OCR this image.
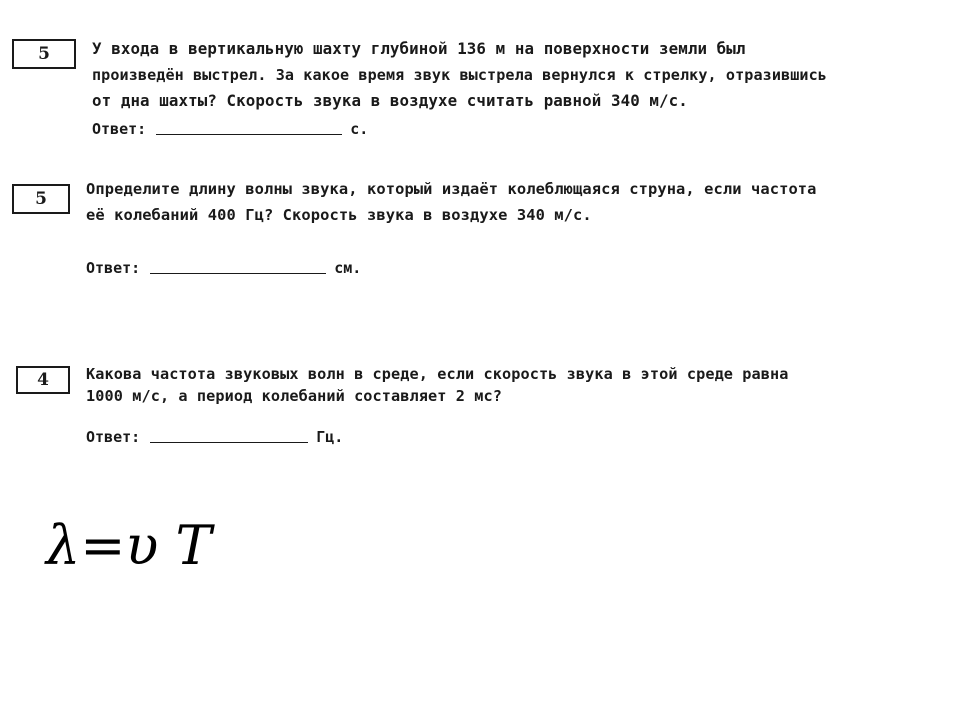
5	У входа в вертикальную шахту глубиной 136 м на поверхности земли был
произведён выстрел. За какое время звук выстрела вернулся к стрелку, отразившись
от дна шахты? Скорость звука в воздухе считать равной 340 м/с.

Ответ:	с.
5	Определите длину волны звука, который издаёт колеблющаяся струна, если частота
её колебаний 400 Гц? Скорость звука в воздухе 340 м/с.

Ответ:	см.
4	Какова частота звуковых волн в среде, если скорость звука в этой среде равна
1000 м/с, а период колебаний составляет 2 мс?

Ответ:	Гц.
λ=υ T
